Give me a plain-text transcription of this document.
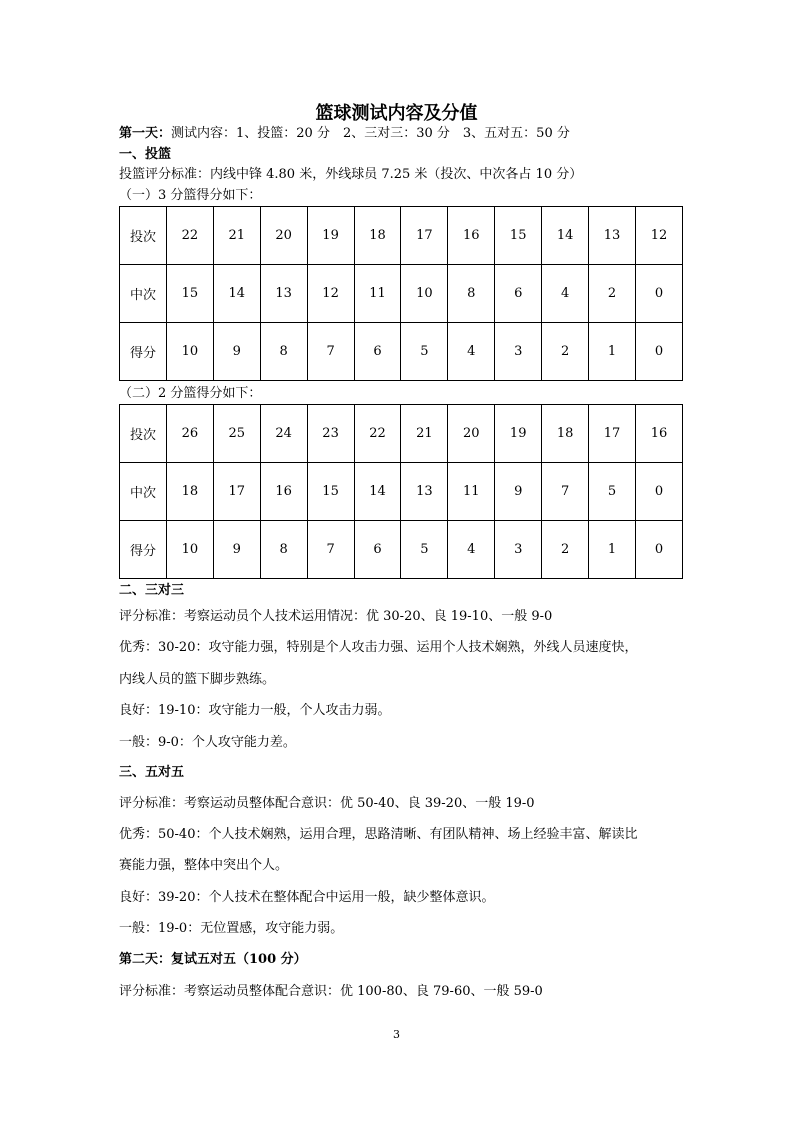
篮球测试内容及分值
第一天：测试内容：1、投篮：20 分　2、三对三：30 分　3、五对五：50 分
一、投篮
投篮评分标准：内线中锋 4.80 米，外线球员 7.25 米（投次、中次各占 10 分）
（一）3 分篮得分如下：
投次	22	21	20	19	18	17	16	15	14	13	12
中次	15	14	13	12	11	10	8	6	4	2	0
得分	10	9	8	7	6	5	4	3	2	1	0
（二）2 分篮得分如下：
投次	26	25	24	23	22	21	20	19	18	17	16
中次	18	17	16	15	14	13	11	9	7	5	0
得分	10	9	8	7	6	5	4	3	2	1	0
二、三对三
评分标准：考察运动员个人技术运用情况：优 30-20、良 19-10、一般 9-0
优秀：30-20：攻守能力强，特别是个人攻击力强、运用个人技术娴熟，外线人员速度快，
内线人员的篮下脚步熟练。
良好：19-10：攻守能力一般，个人攻击力弱。
一般：9-0：个人攻守能力差。
三、五对五
评分标准：考察运动员整体配合意识：优 50-40、良 39-20、一般 19-0
优秀：50-40：个人技术娴熟，运用合理，思路清晰、有团队精神、场上经验丰富、解读比
赛能力强，整体中突出个人。
良好：39-20：个人技术在整体配合中运用一般，缺少整体意识。
一般：19-0：无位置感，攻守能力弱。
第二天：复试五对五（100 分）
评分标准：考察运动员整体配合意识：优 100-80、良 79-60、一般 59-0
3
